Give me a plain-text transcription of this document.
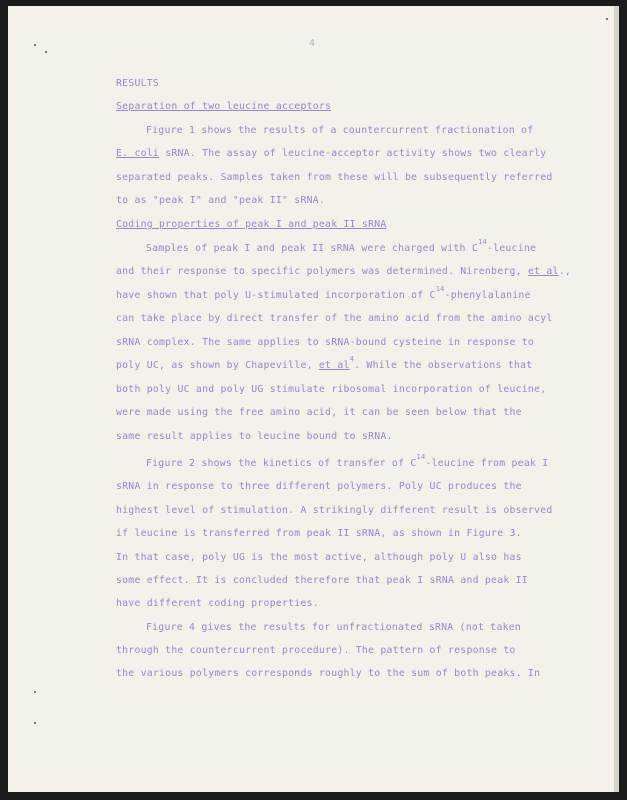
4
RESULTS
Separation of two leucine acceptors
Figure 1 shows the results of a countercurrent fractionation of
E. coli sRNA. The assay of leucine-acceptor activity shows two clearly
separated peaks. Samples taken from these will be subsequently referred
to as "peak I" and "peak II" sRNA.
Coding properties of peak I and peak II sRNA
Samples of peak I and peak II sRNA were charged with $C^{14}$-leucine
and their response to specific polymers was determined. Nirenberg, et al.,
have shown that poly U-stimulated incorporation of $C^{14}$-phenylalanine
can take place by direct transfer of the amino acid from the amino acyl
sRNA complex. The same applies to sRNA-bound cysteine in response to
poly UC, as shown by Chapeville, et $al^4$. While the observations that
both poly UC and poly UG stimulate ribosomal incorporation of leucine,
were made using the free amino acid, it can be seen below that the
same result applies to leucine bound to sRNA.
Figure 2 shows the kinetics of transfer of $C^{14}$-leucine from peak I
sRNA in response to three different polymers. Poly UC produces the
highest level of stimulation. A strikingly different result is observed
if leucine is transferred from peak II sRNA, as shown in Figure 3.
In that case, poly UG is the most active, although poly U also has
some effect. It is concluded therefore that peak I sRNA and peak II
have different coding properties.
Figure 4 gives the results for unfractionated sRNA (not taken
through the countercurrent procedure). The pattern of response to
the various polymers corresponds roughly to the sum of both peaks. In
